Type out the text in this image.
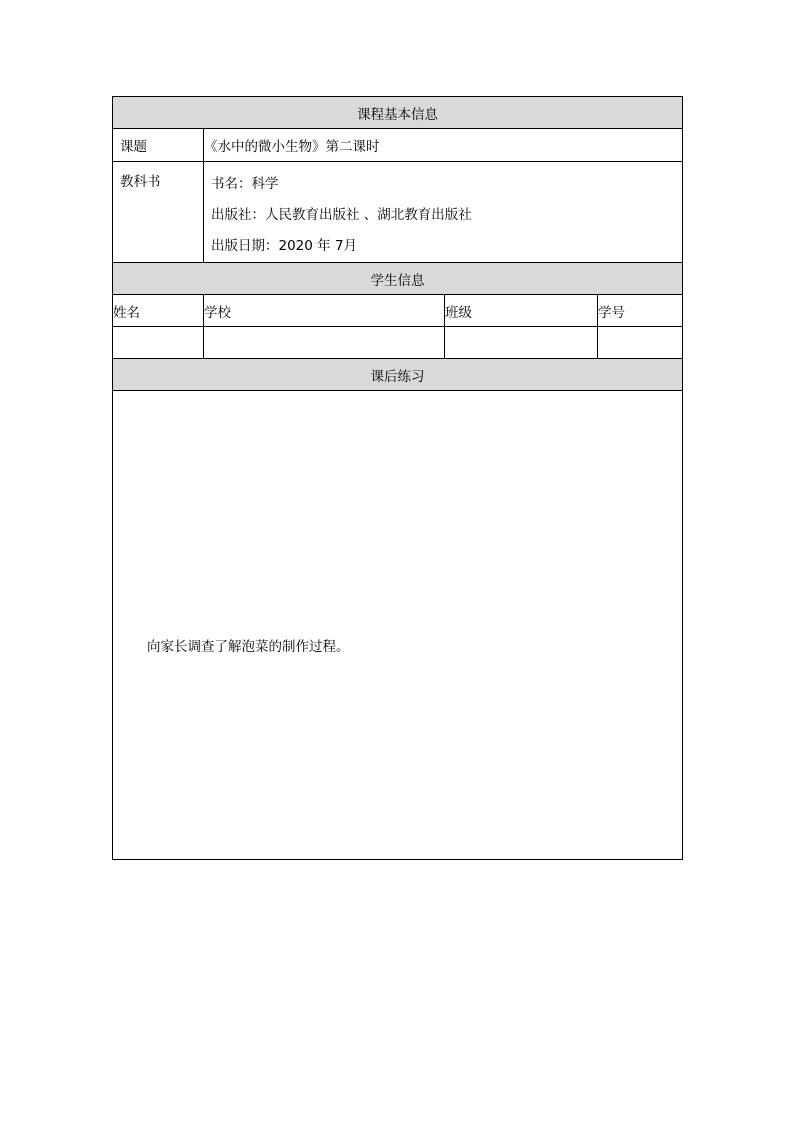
课程基本信息			
课题	《水中的微小生物》第二课时		
教科书	书名：科学
出版社：人民教育出版社 、湖北教育出版社
出版日期：2020 年 7月		

学生信息			
姓名	学校	班级	学号

课后练习			

向家长调查了解泡菜的制作过程。			
